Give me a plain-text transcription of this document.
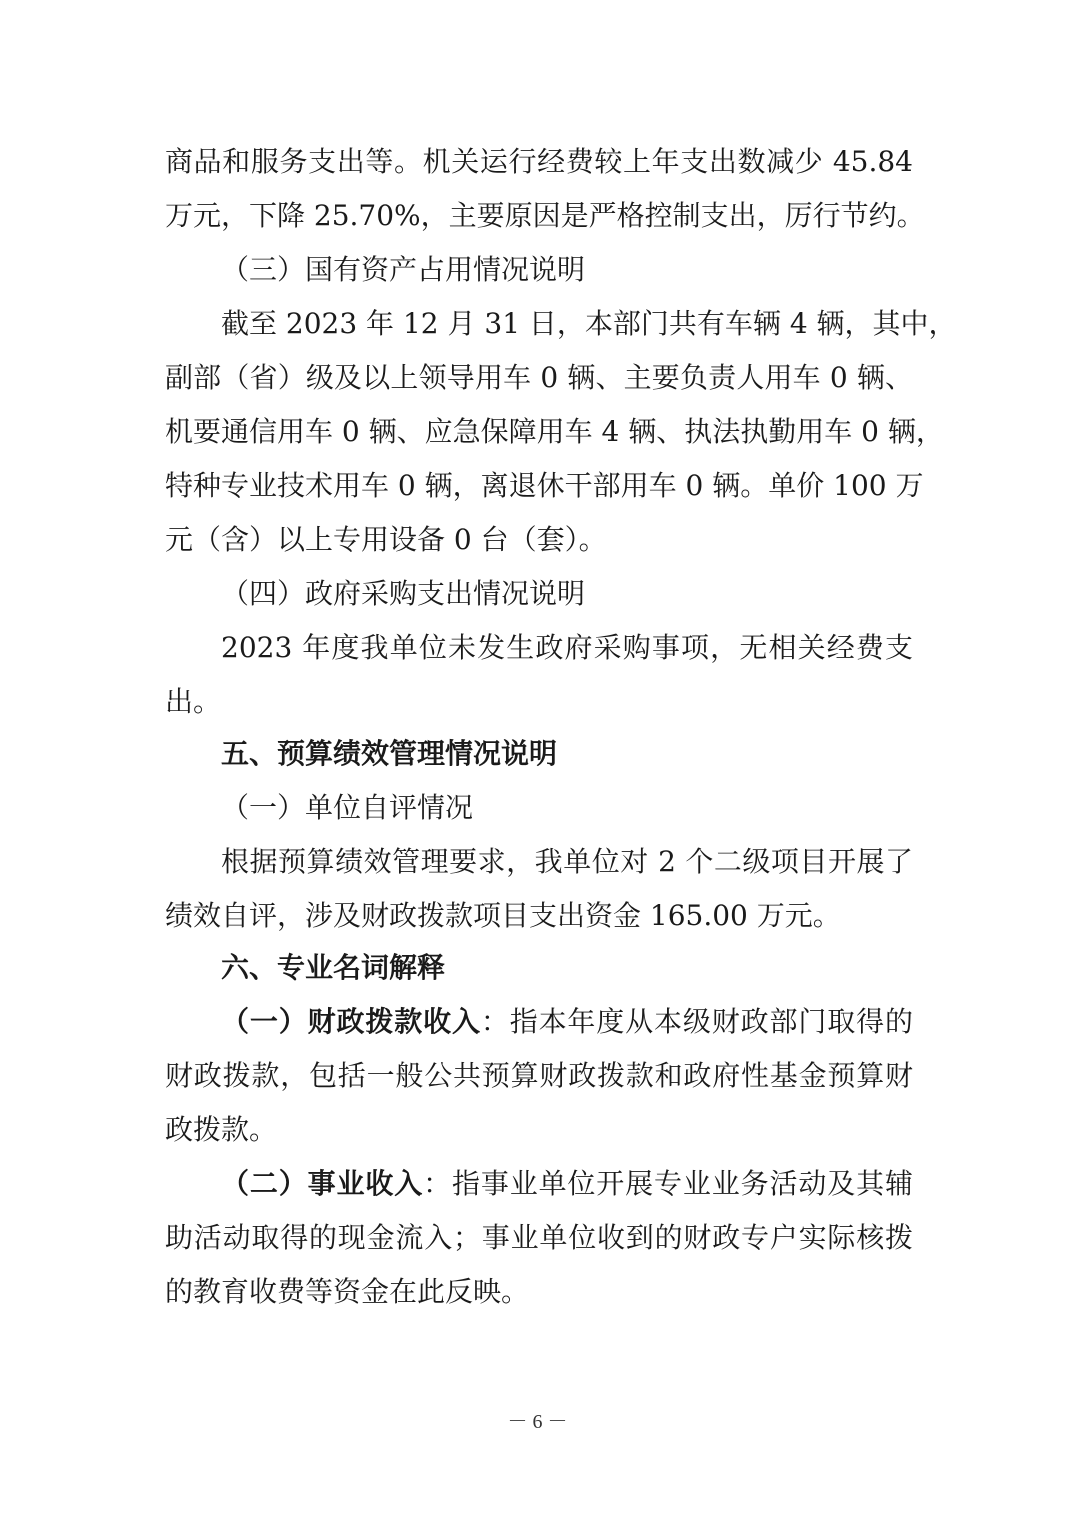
商品和服务支出等。机关运行经费较上年支出数减少 45.84
万元，下降 25.70%，主要原因是严格控制支出，厉行节约。
（三）国有资产占用情况说明
截至 2023 年 12 月 31 日，本部门共有车辆 4 辆，其中，
副部（省）级及以上领导用车 0 辆、主要负责人用车 0 辆、
机要通信用车 0 辆、应急保障用车 4 辆、执法执勤用车 0 辆，
特种专业技术用车 0 辆，离退休干部用车 0 辆。单价 100 万
元（含）以上专用设备 0 台（套）。
（四）政府采购支出情况说明
2023 年度我单位未发生政府采购事项，无相关经费支
出。
五、预算绩效管理情况说明
（一）单位自评情况
根据预算绩效管理要求，我单位对 2 个二级项目开展了
绩效自评，涉及财政拨款项目支出资金 165.00 万元。
六、专业名词解释
（一）财政拨款收入：指本年度从本级财政部门取得的
财政拨款，包括一般公共预算财政拨款和政府性基金预算财
政拨款。
（二）事业收入：指事业单位开展专业业务活动及其辅
助活动取得的现金流入；事业单位收到的财政专户实际核拨
的教育收费等资金在此反映。
－ 6 －
